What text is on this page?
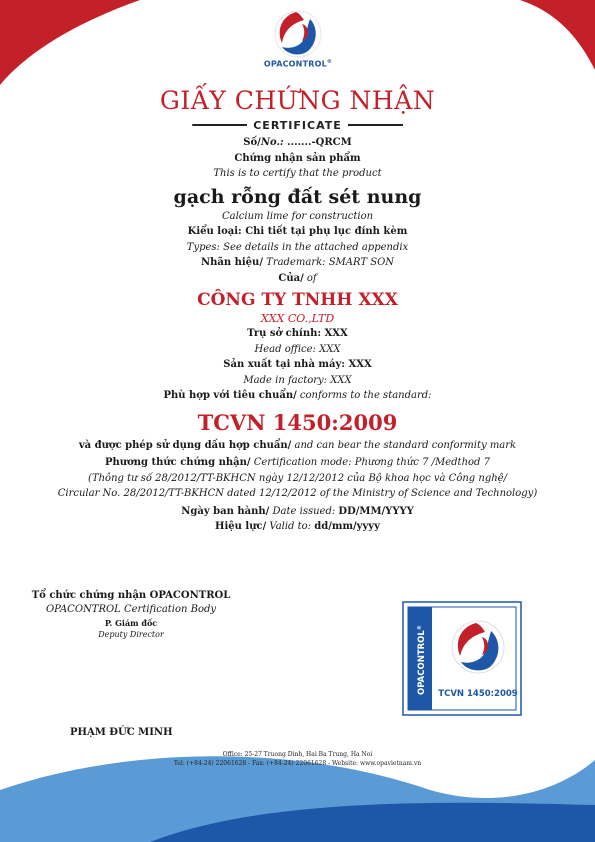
OPACONTROL®
GIẤY CHỨNG NHẬN
CERTIFICATE
Số/No.: .......-QRCM
Chứng nhận sản phẩm
This is to certify that the product
gạch rỗng đất sét nung
Calcium lime for construction
Kiểu loại: Chi tiết tại phụ lục đính kèm
Types: See details in the attached appendix
Nhãn hiệu/ Trademark: SMART SON
Của/ of
CÔNG TY TNHH XXX
XXX CO.,LTD
Trụ sở chính: XXX
Head office: XXX
Sản xuất tại nhà máy: XXX
Made in factory: XXX
Phù hợp với tiêu chuẩn/ conforms to the standard:
TCVN 1450:2009
và được phép sử dụng dấu hợp chuẩn/ and can bear the standard conformity mark
Phương thức chứng nhận/ Certification mode: Phương thức 7 /Medthod 7
(Thông tư số 28/2012/TT-BKHCN ngày 12/12/2012 của Bộ khoa học và Công nghệ/
Circular No. 28/2012/TT-BKHCN dated 12/12/2012 of the Ministry of Science and Technology)
Ngày ban hành/ Date issued: DD/MM/YYYY
Hiệu lực/ Valid to: dd/mm/yyyy
Tổ chức chứng nhận OPACONTROL
OPACONTROL Certification Body
P. Giám đốc
Deputy Director
PHẠM ĐỨC MINH
OPACONTROL®
TCVN 1450:2009
Office: 25-27 Truong Dinh, Hai Ba Trung, Ha Noi
Tel: (+84-24) 22061628 - Fax: (+84-24) 22061628 - Website: www.opavietnam.vn
